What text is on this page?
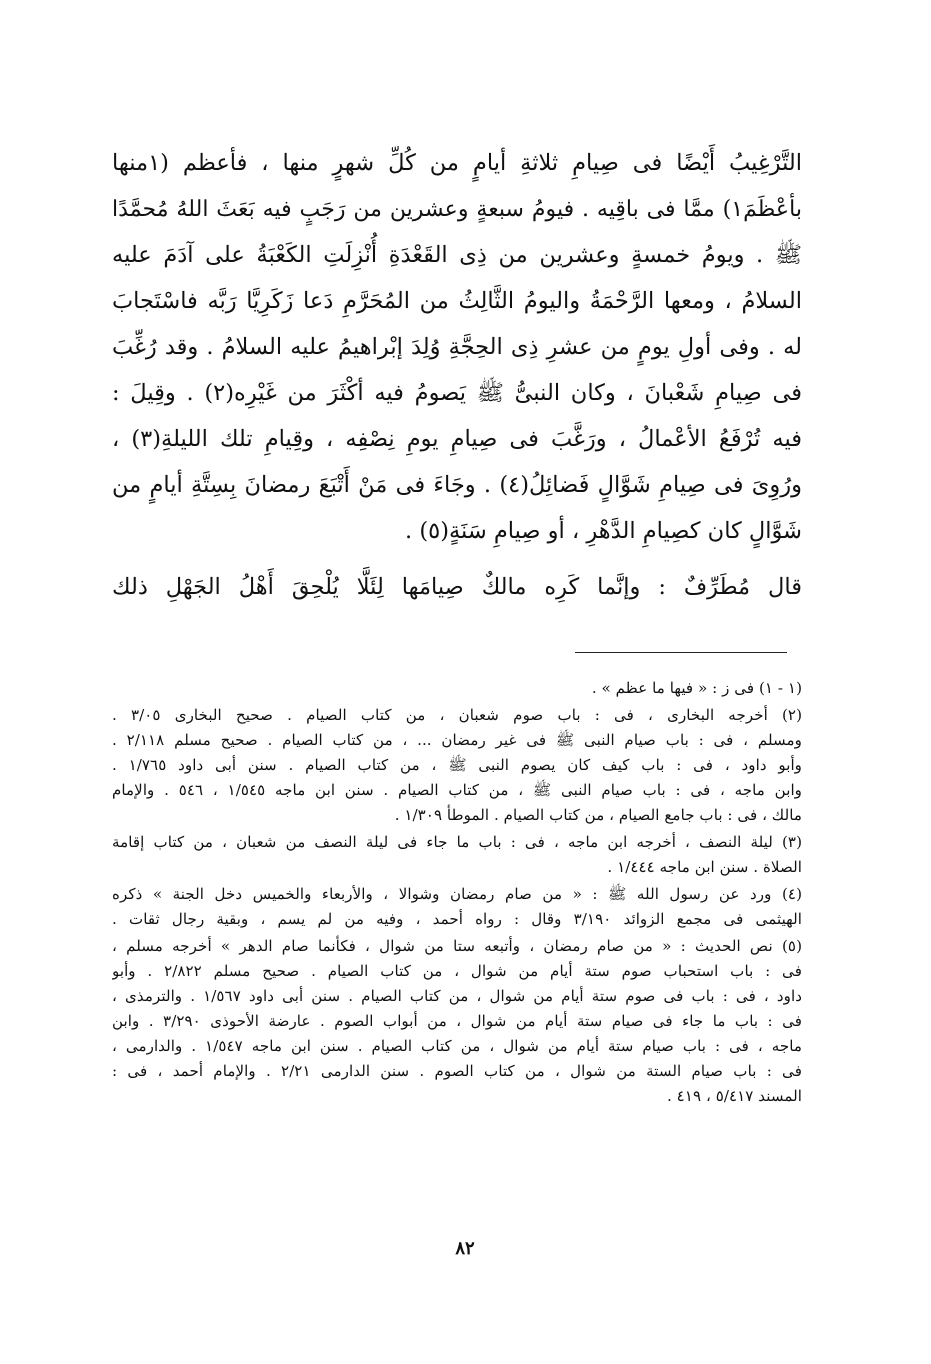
التَّرْغِيبُ أَيْضًا فى صِيامِ ثلاثةِ أيامٍ من كُلِّ شهرٍ منها ، فأعظم (١منها
بأعْظَمَ١) ممَّا فى باقِيه . فيومُ سبعةٍ وعشرين من رَجَبٍ فيه بَعَثَ اللهُ مُحمَّدًا
ﷺ . ويومُ خمسةٍ وعشرين من ذِى القَعْدَةِ أُنْزِلَتِ الكَعْبَةُ على آدَمَ عليه
السلامُ ، ومعها الرَّحْمَةُ واليومُ الثَّالِثُ من المُحَرَّمِ دَعا زَكَرِيَّا رَبَّه فاسْتَجابَ
له . وفى أولِ يومٍ من عشرِ ذِى الحِجَّةِ وُلِدَ إبْراهيمُ عليه السلامُ . وقد رُغِّبَ
فى صِيامِ شَعْبانَ ، وكان النبىُّ ﷺ يَصومُ فيه أكْثَرَ من غَيْرِه(٢) . وقِيلَ :
فيه تُرْفَعُ الأعْمالُ ، ورَغَّبَ فى صِيامِ يومِ نِصْفِه ، وقِيامِ تلك الليلةِ(٣) ،
ورُوِىَ فى صِيامِ شَوَّالٍ فَضائِلُ(٤) . وجَاءَ فى مَنْ أَتْبَعَ رمضانَ بِسِتَّةِ أيامٍ من
شَوَّالٍ كان كصِيامِ الدَّهْرِ ، أو صِيامِ سَنَةٍ(٥) .
قال مُطَرِّفٌ : وإنَّما كَرِه مالكٌ صِيامَها لِئَلَّا يُلْحِقَ أَهْلُ الجَهْلِ ذلك
(١ - ١) فى ز : « فيها ما عظم » .
(٢) أخرجه البخارى ، فى : باب صوم شعبان ، من كتاب الصيام . صحيح البخارى ٣/٠٥ .
ومسلم ، فى : باب صيام النبى ﷺ فى غير رمضان ... ، من كتاب الصيام . صحيح مسلم ٢/١١٨ .
وأبو داود ، فى : باب كيف كان يصوم النبى ﷺ ، من كتاب الصيام . سنن أبى داود ١/٧٦٥ .
وابن ماجه ، فى : باب صيام النبى ﷺ ، من كتاب الصيام . سنن ابن ماجه ١/٥٤٥ ، ٥٤٦ . والإمام
مالك ، فى : باب جامع الصيام ، من كتاب الصيام . الموطأ ١/٣٠٩ .
(٣) ليلة النصف ، أخرجه ابن ماجه ، فى : باب ما جاء فى ليلة النصف من شعبان ، من كتاب إقامة
الصلاة . سنن ابن ماجه ١/٤٤٤ .
(٤) ورد عن رسول الله ﷺ : « من صام رمضان وشوالا ، والأربعاء والخميس دخل الجنة » ذكره
الهيثمى فى مجمع الزوائد ٣/١٩٠ وقال : رواه أحمد ، وفيه من لم يسم ، وبقية رجال ثقات .
(٥) نص الحديث : « من صام رمضان ، وأتبعه ستا من شوال ، فكأنما صام الدهر » أخرجه مسلم ،
فى : باب استحباب صوم ستة أيام من شوال ، من كتاب الصيام . صحيح مسلم ٢/٨٢٢ . وأبو
داود ، فى : باب فى صوم ستة أيام من شوال ، من كتاب الصيام . سنن أبى داود ١/٥٦٧ . والترمذى ،
فى : باب ما جاء فى صيام ستة أيام من شوال ، من أبواب الصوم . عارضة الأحوذى ٣/٢٩٠ . وابن
ماجه ، فى : باب صيام ستة أيام من شوال ، من كتاب الصيام . سنن ابن ماجه ١/٥٤٧ . والدارمى ،
فى : باب صيام الستة من شوال ، من كتاب الصوم . سنن الدارمى ٢/٢١ . والإمام أحمد ، فى :
المسند ٥/٤١٧ ، ٤١٩ .
٨٢
